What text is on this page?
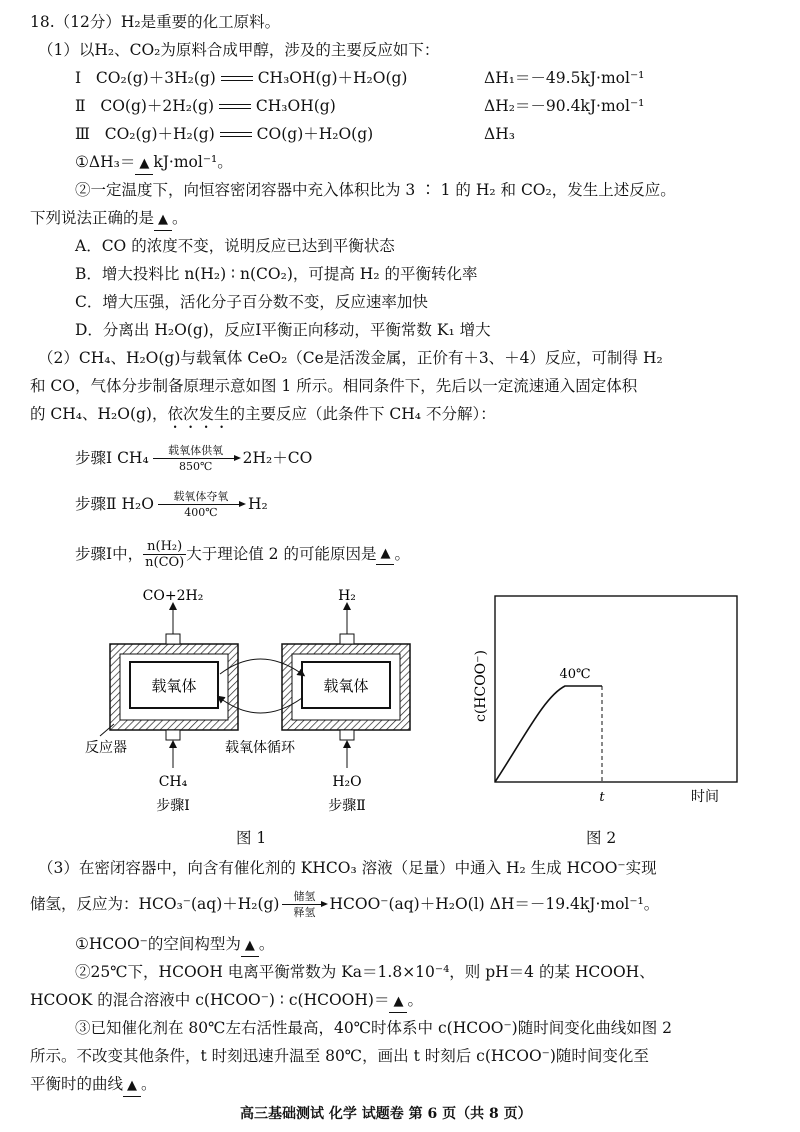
18.（12分）H₂是重要的化工原料。
（1）以H₂、CO₂为原料合成甲醇，涉及的主要反应如下：
Ⅰ CO₂(g)＋3H₂(g)	CH₃OH(g)＋H₂O(g)	ΔH₁＝－49.5kJ·mol⁻¹
Ⅱ CO(g)＋2H₂(g)	CH₃OH(g)	ΔH₂＝－90.4kJ·mol⁻¹
Ⅲ CO₂(g)＋H₂(g)	CO(g)＋H₂O(g)	ΔH₃
①ΔH₃＝ ▲ kJ·mol⁻¹。
②一定温度下，向恒容密闭容器中充入体积比为 3 ∶ 1 的 H₂ 和 CO₂，发生上述反应。
下列说法正确的是 ▲ 。
A．CO 的浓度不变，说明反应已达到平衡状态
B．增大投料比 n(H₂) ∶ n(CO₂)，可提高 H₂ 的平衡转化率
C．增大压强，活化分子百分数不变，反应速率加快
D．分离出 H₂O(g)，反应Ⅰ平衡正向移动，平衡常数 K₁ 增大
（2）CH₄、H₂O(g)与载氧体 CeO₂（Ce是活泼金属，正价有＋3、＋4）反应，可制得 H₂
和 CO，气体分步制备原理示意如图 1 所示。相同条件下，先后以一定流速通入固定体积
的 CH₄、H₂O(g)，依次发生的主要反应（此条件下 CH₄ 不分解）：
步骤Ⅰ
CH₄	载氧体供氧
850℃	2H₂＋CO
步骤Ⅱ
H₂O	载氧体夺氧
400℃	H₂
步骤Ⅰ中， $\frac{\text{n(H₂)}}{n(CO)}$ 大于理论值 2 的可能原因是 ▲ 。
CO+2H₂	H₂
载氧体	载氧体
反应器	载氧体循环
CH₄	H₂O
步骤Ⅰ	步骤Ⅱ
图 1
40℃
t	时间
c(HCOO⁻)
图 2
（3）在密闭容器中，向含有催化剂的 KHCO₃ 溶液（足量）中通入 H₂ 生成 HCOO⁻实现
储氢，反应为：HCO₃⁻(aq)＋H₂(g)	储氢
释氢 HCOO⁻(aq)＋H₂O(l) ΔH＝－19.4kJ·mol⁻¹。
①HCOO⁻的空间构型为 ▲ 。
②25℃下，HCOOH 电离平衡常数为 Ka＝1.8×10⁻⁴，则 pH＝4 的某 HCOOH、
HCOOK 的混合溶液中 c(HCOO⁻) ∶ c(HCOOH)＝ ▲ 。
③已知催化剂在 80℃左右活性最高，40℃时体系中 c(HCOO⁻)随时间变化曲线如图 2
所示。不改变其他条件，t 时刻迅速升温至 80℃，画出 t 时刻后 c(HCOO⁻)随时间变化至
平衡时的曲线 ▲ 。
高三基础测试 化学 试题卷 第 6 页（共 8 页）
